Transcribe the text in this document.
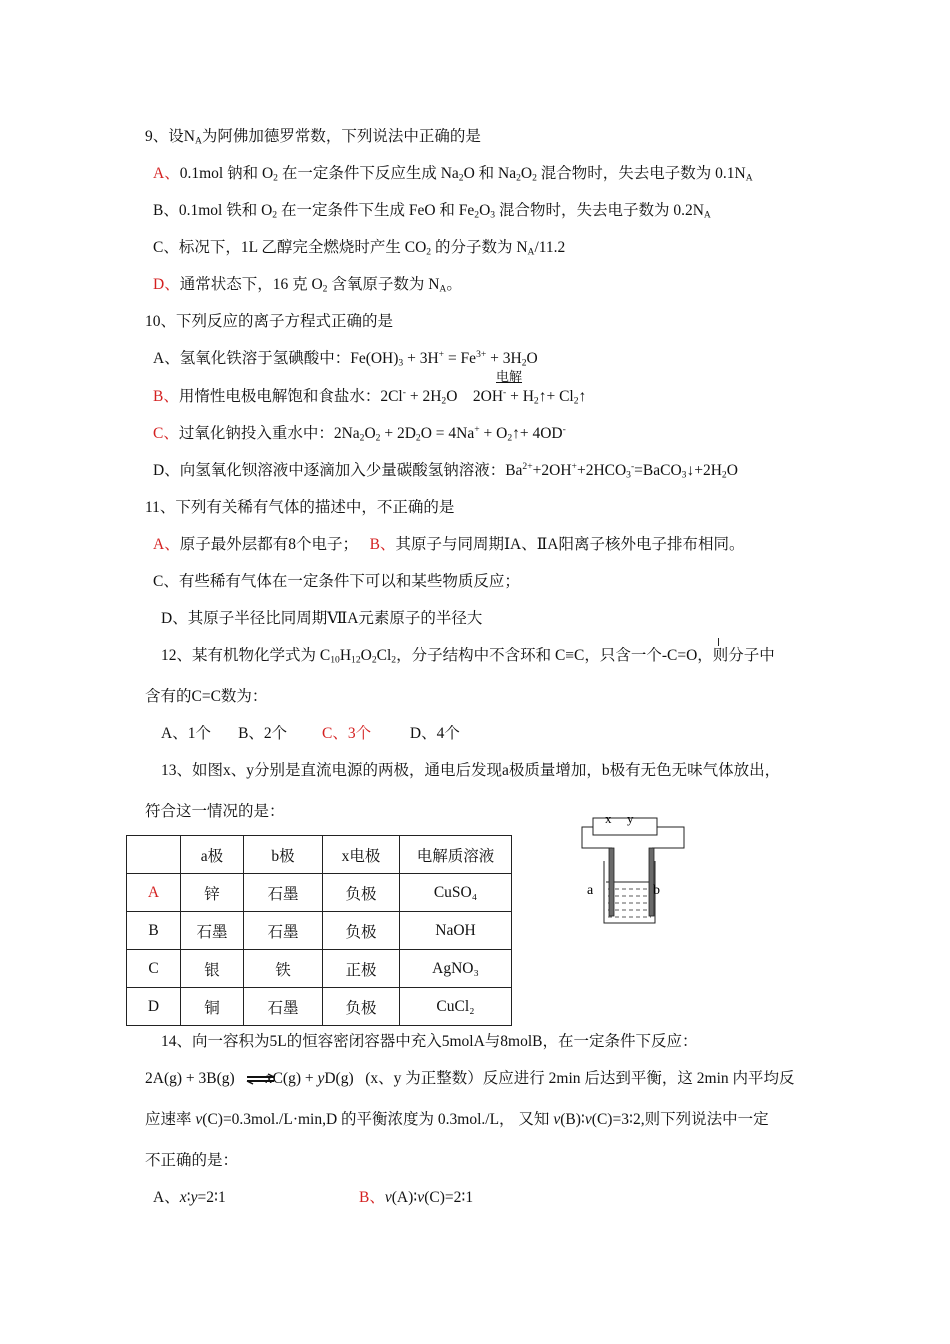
9、设$N_A$为阿佛加德罗常数，下列说法中正确的是
A、0.1mol 钠和 $O_2$ 在一定条件下反应生成 $Na_2O$ 和 $Na_2O_2$ 混合物时，失去电子数为 $0.1N_A$
B、0.1mol 铁和 $O_2$ 在一定条件下生成 FeO 和 $Fe_2O_3$ 混合物时，失去电子数为 $0.2N_A$
C、标况下，1L 乙醇完全燃烧时产生 $CO_2$ 的分子数为 $N_A/11.2$
D、通常状态下，16 克 $O_2$ 含氧原子数为 $N_A$。
10、下列反应的离子方程式正确的是
A、氢氧化铁溶于氢碘酸中：$Fe(OH)_3 + 3H^+ = Fe^{3+} + 3H_2O$
电解
B、用惰性电极电解饱和食盐水：$2Cl^- + 2H_2O$    $2OH^- + H_2↑+$ $Cl_2↑$
C、过氧化钠投入重水中：$2Na_2O_2 + 2D_2O = 4Na^+$ + $O_2↑+ 4OD^-$
D、向氢氧化钡溶液中逐滴加入少量碳酸氢钠溶液：$Ba^{2+}+2OH^++2HCO_3^-=BaCO_3↓+2H_2O$
11、下列有关稀有气体的描述中，不正确的是
A、原子最外层都有8个电子； B、其原子与同周期ⅠA、ⅡA阳离子核外电子排布相同。
C、有些稀有气体在一定条件下可以和某些物质反应；
D、其原子半径比同周期ⅦA元素原子的半径大
12、某有机物化学式为 $C_{10}H_{12}O_2Cl_2$，分子结构中不含环和 C≡C，只含一个-C=O，则分子中
含有的C=C数为：
A、1个 B、2个 C、3个	D、4个
13、如图x、y分别是直流电源的两极，通电后发现a极质量增加，b极有无色无味气体放出，
符合这一情况的是：
	a极	b极	x电极	电解质溶液
A	锌	石墨	负极	CuSO₄
B	石墨	石墨	负极	NaOH
C	银	铁	正极	AgNO₃
D	铜	石墨	负极	CuCl₂
x y
a	b
14、向一容积为5L的恒容密闭容器中充入5molA与8molB，在一定条件下反应：
2A(g) + 3B(g)        xC(g) + yD(g)   (x、y 为正整数）反应进行 2min 后达到平衡，这 2min 内平均反
应速率 v(C)=0.3mol./L·min,D 的平衡浓度为 0.3mol./L， 又知 v(B)∶v(C)=3∶2,则下列说法中一定
不正确的是：
A、x∶y=2∶1	B、v(A)∶v(C)=2∶1
